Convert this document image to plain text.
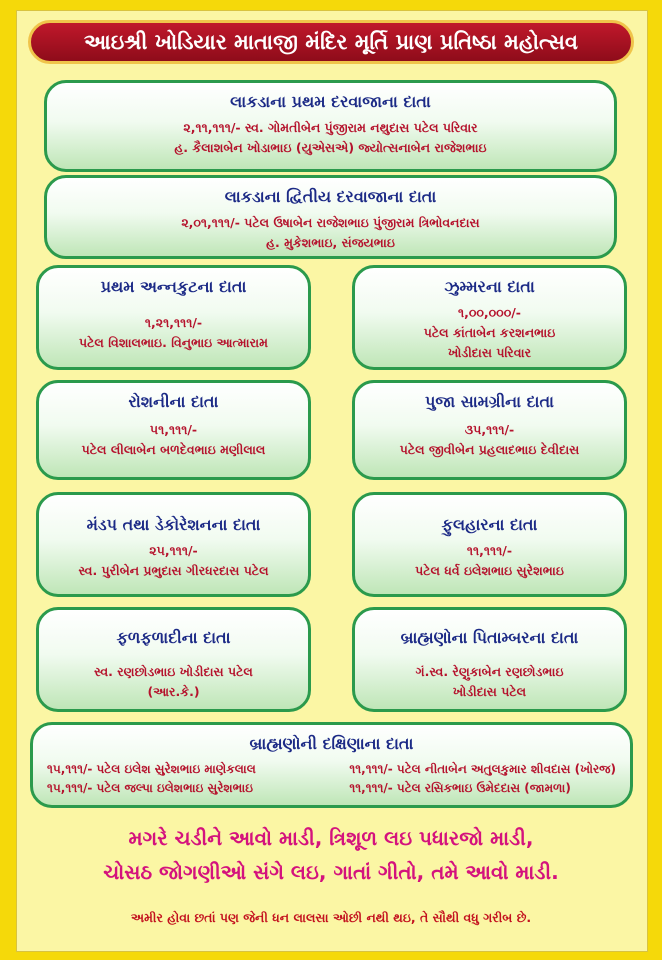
આઇશ્રી ખોડિયાર માતાજી મંદિર મૂર્તિ પ્રાણ પ્રતિષ્ઠા મહોત્સવ
લાકડાના પ્રથમ દરવાજાના દાતા
૨,૧૧,૧૧૧/- સ્વ. ગોમતીબેન પુંજીરામ નથુદાસ પટેલ પરિવાર
હ. કૈલાશબેન ખોડાભાઇ (યુએસએ) જ્યોત્સનાબેન રાજેશભાઇ
લાકડાના દ્વિતીય દરવાજાના દાતા
૨,૦૧,૧૧૧/- પટેલ ઉષાબેન રાજેશભાઇ પુંજીરામ ત્રિભોવનદાસ
હ. મુકેશભાઇ, સંજયભાઇ
પ્રથમ અન્નકુટના દાતા
૧,૨૧,૧૧૧/-
પટેલ વિશાલભાઇ. વિનુભાઇ આત્મારામ
ઝુમ્મરના દાતા
૧,૦૦,૦૦૦/-
પટેલ કાંતાબેન કરશનભાઇ
ખોડીદાસ પરિવાર
રોશનીના દાતા
૫૧,૧૧૧/-
પટેલ લીલાબેન બળદેવભાઇ મણીલાલ
પુજા સામગ્રીના દાતા
૩૫,૧૧૧/-
પટેલ જીવીબેન પ્રહલાદભાઇ દેવીદાસ
મંડપ તથા ડેકોરેશનના દાતા
૨૫,૧૧૧/-
સ્વ. પુરીબેન પ્રભુદાસ ગીરધરદાસ પટેલ
ફુલહારના દાતા
૧૧,૧૧૧/-
પટેલ ધર્વ ઇલેશભાઇ સુરેશભાઇ
ફળફળાદીના દાતા
સ્વ. રણછોડભાઇ ખોડીદાસ પટેલ
(આર.કે.)
બ્રાહ્મણોના પિતામ્બરના દાતા
ગં.સ્વ. રેણુકાબેન રણછોડભાઇ
ખોડીદાસ પટેલ
બ્રાહ્મણોની દક્ષિણાના દાતા
૧૫,૧૧૧/- પટેલ ઇલેશ સુરેશભાઇ માણેકલાલ
૧૫,૧૧૧/- પટેલ જલ્પા ઇલેશભાઇ સુરેશભાઇ
૧૧,૧૧૧/- પટેલ નીતાબેન અતુલકુમાર શીવદાસ (ખોરજ)
૧૧,૧૧૧/- પટેલ રસિકભાઇ ઉમેદદાસ (જામળા)
મગરે ચડીને આવો માડી, ત્રિશૂળ લઇ પધારજો માડી,
ચોસઠ જોગણીઓ સંગે લઇ, ગાતાં ગીતો, તમે આવો માડી.
અમીર હોવા છતાં પણ જેની ધન લાલસા ઓછી નથી થઇ, તે સૌથી વધુ ગરીબ છે.
